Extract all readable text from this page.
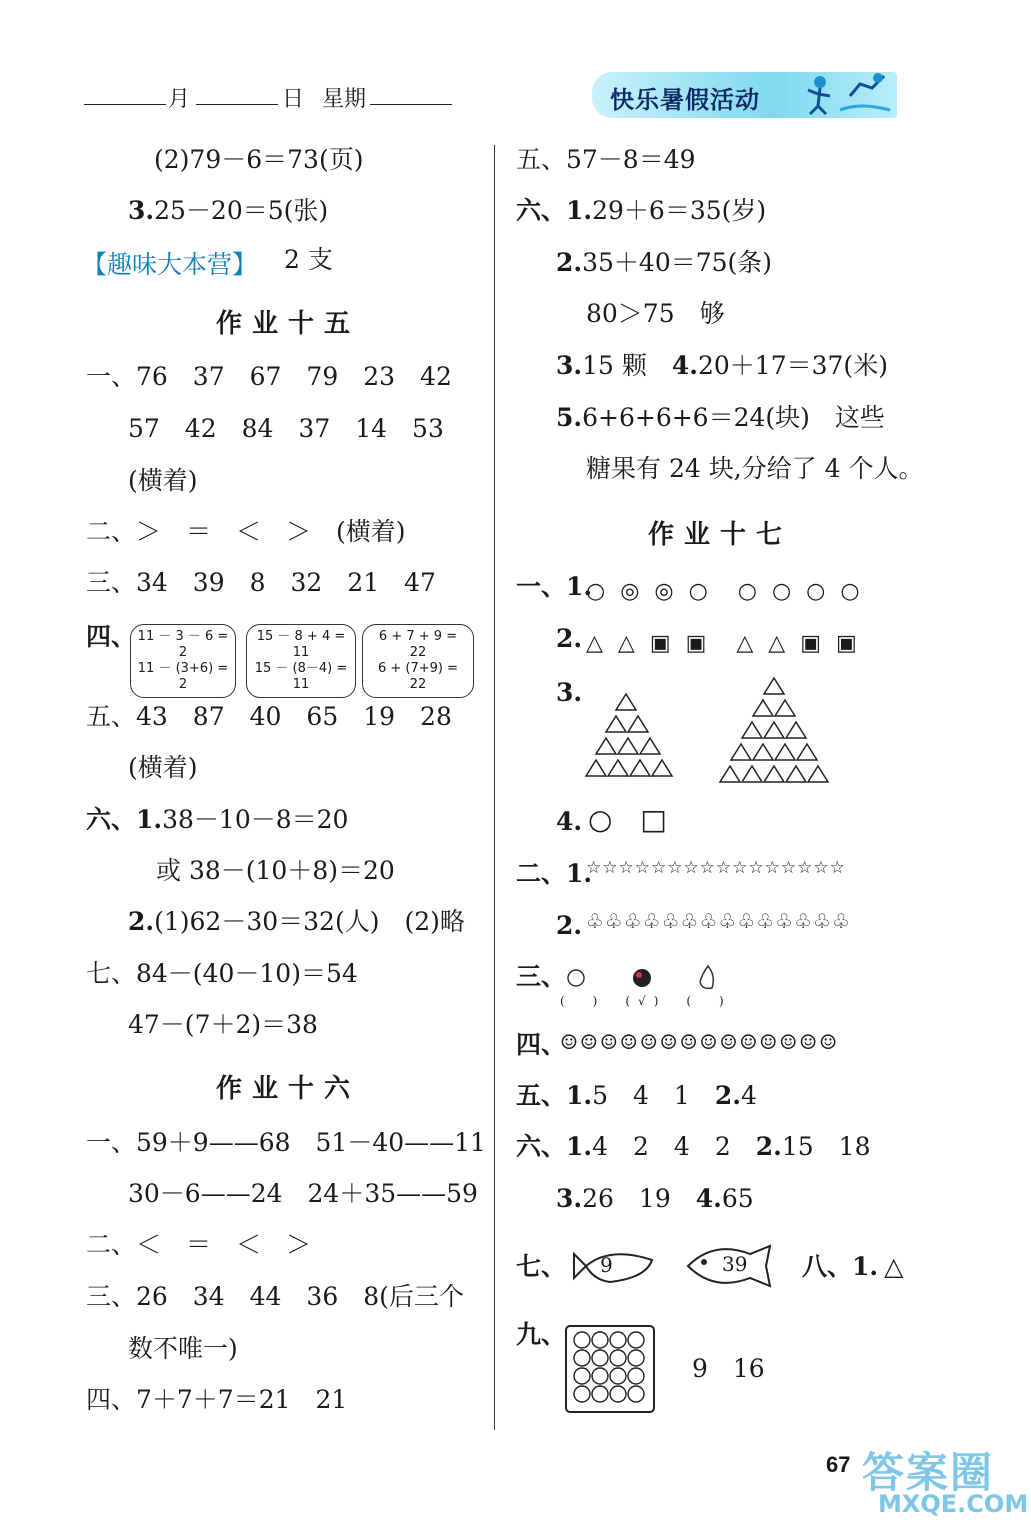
月	日 星期	快乐暑假活动
(2)79－6＝73(页)
3.25－20＝5(张)
【趣味大本营】 2 支
作业十五
一、76　37　67　79　23　42
57　42　84　37　14　53
(横着)
二、＞　＝　＜　＞　(横着)
三、34　39　8　32　21　47
四、 11 － 3 － 6 = 2
11 － (3+6) = 2
15 － 8 + 4 = 11
15 － (8－4) = 11
6 + 7 + 9 = 22
6 + (7+9) = 22
五、43　87　40　65　19　28
(横着)
六、1.38－10－8＝20
或 38－(10＋8)＝20
2.(1)62－30＝32(人)　(2)略
七、84－(40－10)＝54
47－(7＋2)＝38
作业十六
一、59＋9——68　51－40——11
30－6——24　24＋35——59
二、＜　＝　＜　＞
三、26　34　44　36　8(后三个
数不唯一)
四、7＋7＋7＝21　21
五、57－8＝49
六、1.29＋6＝35(岁)
2.35＋40＝75(条)
80＞75　够
3.15 颗　 4.20＋17＝37(米)
5.6+6+6+6＝24(块)　这些
糖果有 24 块,分给了 4 个人。
作业十七
一、1.
○ ◎ ◎ ○　○ ○ ○ ○
2. △ △ ▣ ▣　△ △ ▣ ▣
3.
4. ○　□
二、1.
☆☆☆☆☆☆☆☆☆☆☆☆☆☆☆☆
2. ♧♧♧♧♧♧♧♧♧♧♧♧♧♧
三、
(　)　(√)　(　)
四、
☺☺☺☺☺☺☺☺☺☺☺☺☺☺
五、1.5　4　1　 2.4
六、1.4　2　4　2　 2.15　18
3.26　19　 4.65
七、 9	39 八、1. △
九、
9　16
67 答案圈
MXQE.COM
